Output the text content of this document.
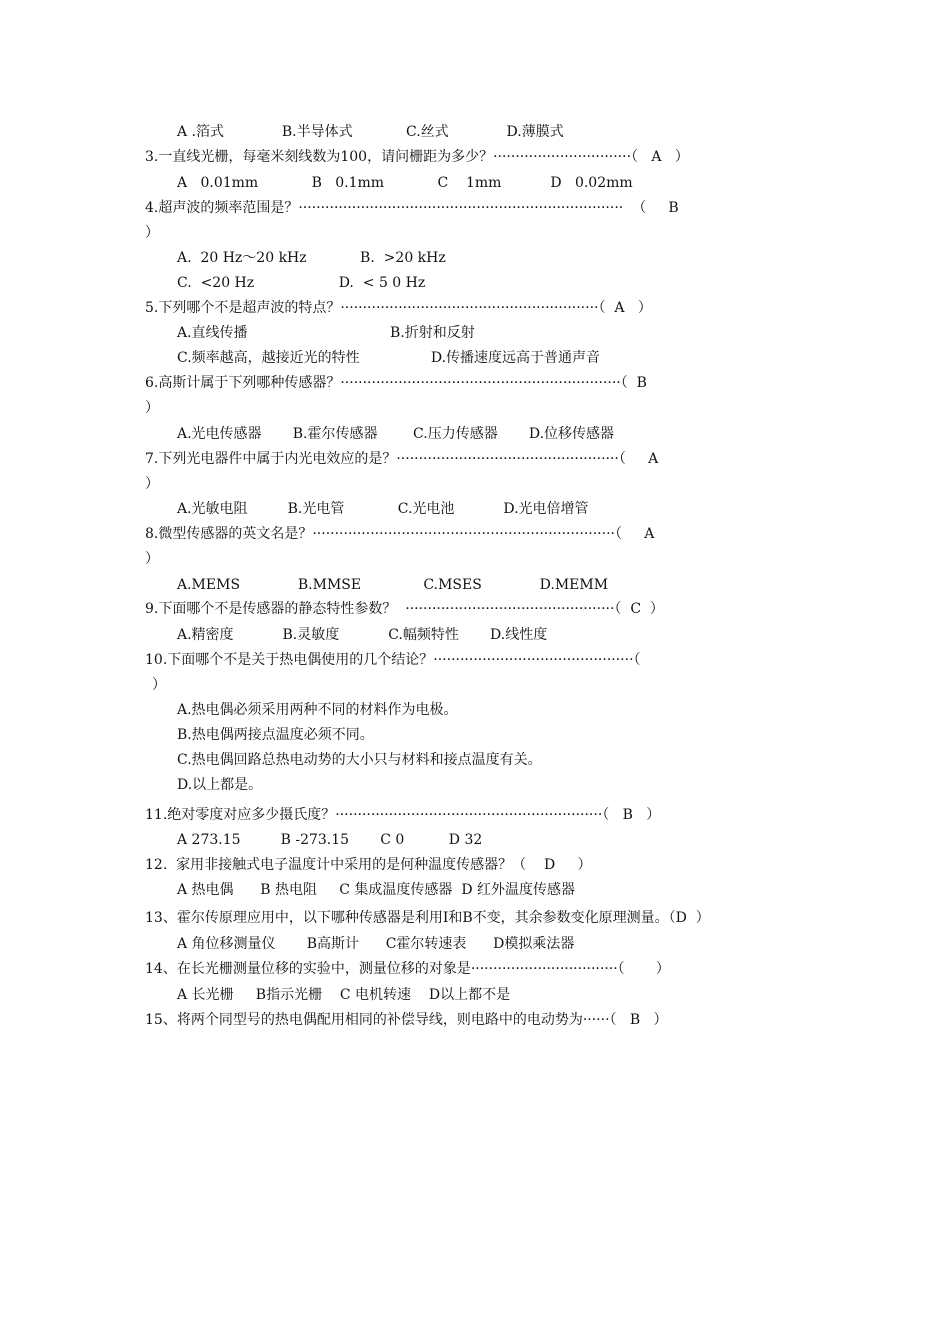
A .箔式             B.半导体式            C.丝式             D.薄膜式
3.一直线光栅，每毫米刻线数为100，请问栅距为多少？·······························（   A   ）
A   0.01mm            B   0.1mm            C    1mm           D   0.02mm
4.超声波的频率范围是？·········································································  （     B
）
A.  20 Hz～20 kHz            B.  >20 kHz
C.  <20 Hz                   D.  < 5 0 Hz
5.下列哪个不是超声波的特点？··························································（  A   ）
A.直线传播                                B.折射和反射
C.频率越高，越接近光的特性                D.传播速度远高于普通声音
6.高斯计属于下列哪种传感器？·······························································（  B
）
A.光电传感器       B.霍尔传感器        C.压力传感器       D.位移传感器
7.下列光电器件中属于内光电效应的是？··················································（     A
）
A.光敏电阻         B.光电管            C.光电池           D.光电倍增管
8.微型传感器的英文名是？····································································（     A
）
A.MEMS             B.MMSE              C.MSES             D.MEMM
9.下面哪个不是传感器的静态特性参数？  ···············································（  C  ）
A.精密度           B.灵敏度           C.幅频特性       D.线性度
10.下面哪个不是关于热电偶使用的几个结论？·············································（
）
A.热电偶必须采用两种不同的材料作为电极。
B.热电偶两接点温度必须不同。
C.热电偶回路总热电动势的大小只与材料和接点温度有关。
D.以上都是。
11.绝对零度对应多少摄氏度？····························································（   B   ）
A 273.15         B -273.15       C 0          D 32
12.  家用非接触式电子温度计中采用的是何种温度传感器？（    D     ）
A 热电偶      B 热电阻     C 集成温度传感器  D 红外温度传感器
13、霍尔传原理应用中，以下哪种传感器是利用I和B不变，其余参数变化原理测量。（D  ）
A 角位移测量仪       B高斯计      C霍尔转速表      D模拟乘法器
14、在长光栅测量位移的实验中，测量位移的对象是·································（       ）
A 长光栅     B指示光栅    C 电机转速    D以上都不是
15、将两个同型号的热电偶配用相同的补偿导线，则电路中的电动势为······（   B   ）
